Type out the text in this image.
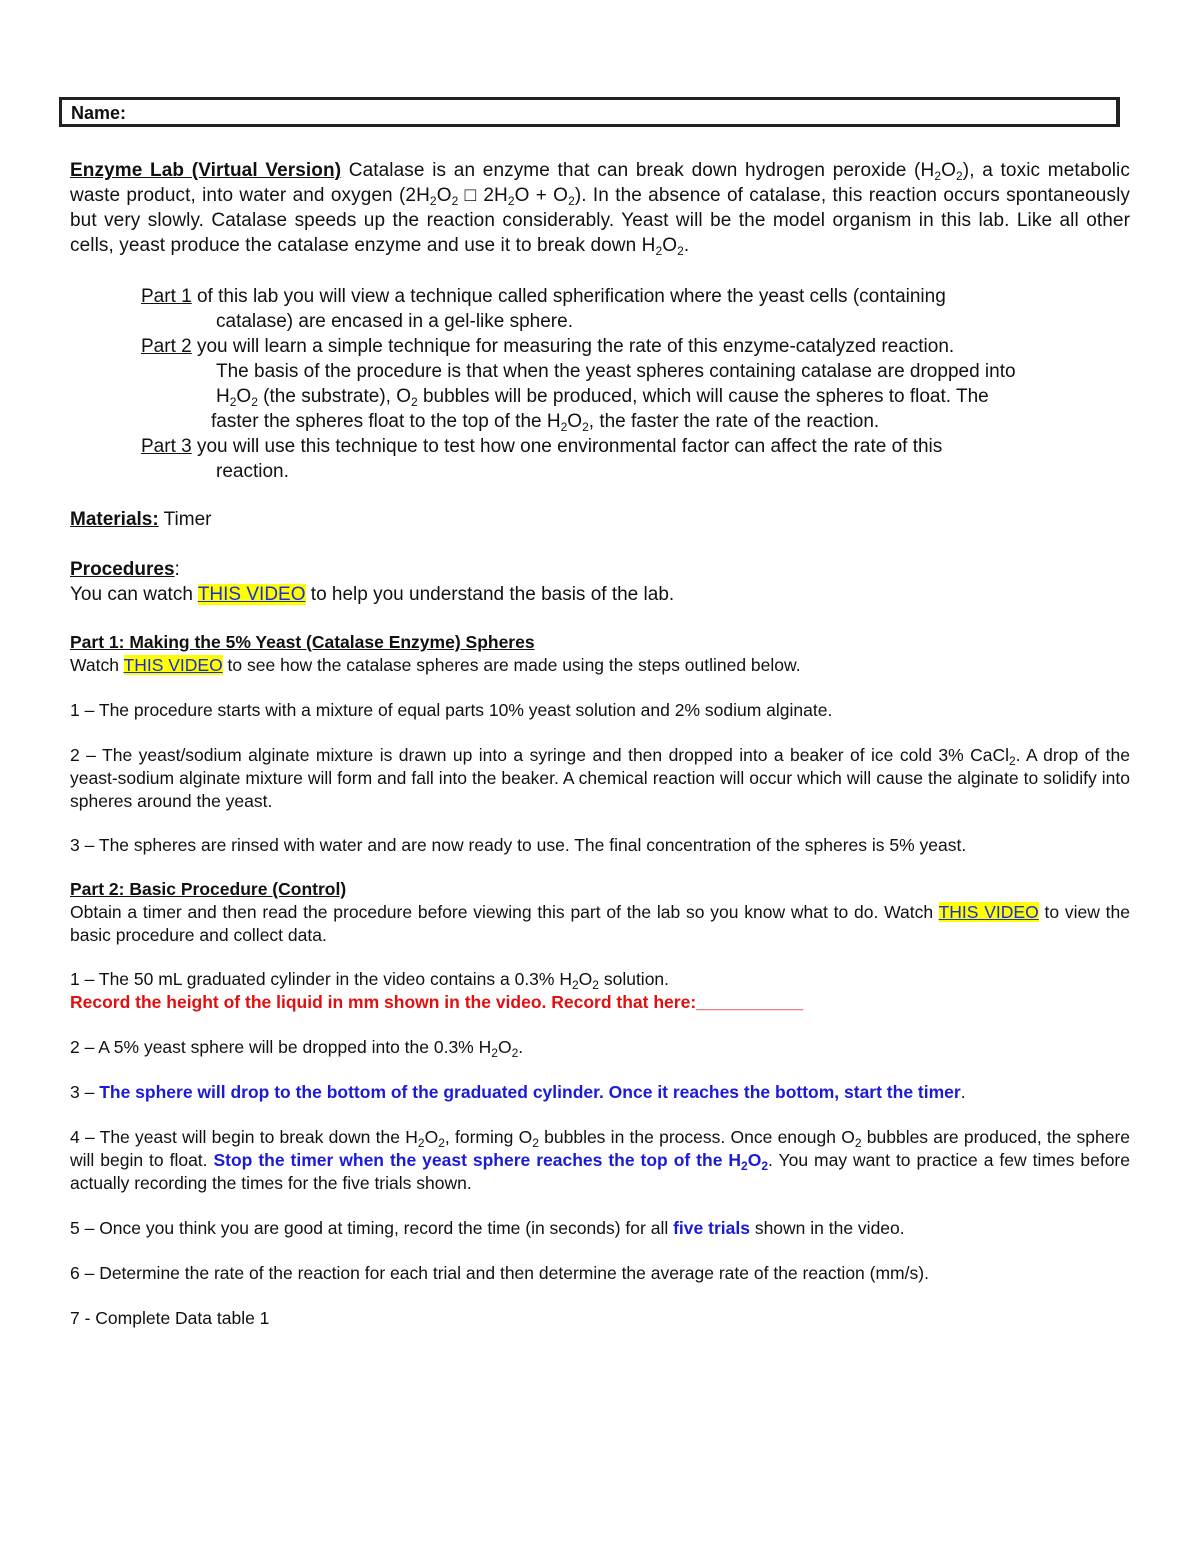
Name:
Enzyme Lab (Virtual Version) Catalase is an enzyme that can break down hydrogen peroxide $(H_2O_2)$, a toxic metabolic waste product, into water and oxygen ($2H_2O_2$ □ $2H_2O + O_2$). In the absence of catalase, this reaction occurs spontaneously but very slowly. Catalase speeds up the reaction considerably. Yeast will be the model organism in this lab. Like all other cells, yeast produce the catalase enzyme and use it to break down $H_2O_2$.
Part 1 of this lab you will view a technique called spherification where the yeast cells (containing
catalase) are encased in a gel-like sphere.
Part 2 you will learn a simple technique for measuring the rate of this enzyme-catalyzed reaction.
The basis of the procedure is that when the yeast spheres containing catalase are dropped into
$H_2O_2$ (the substrate), $O_2$ bubbles will be produced, which will cause the spheres to float. The
faster the spheres float to the top of the $H_2O_2$, the faster the rate of the reaction.
Part 3 you will use this technique to test how one environmental factor can affect the rate of this
reaction.
Materials: Timer
Procedures:
You can watch THIS VIDEO to help you understand the basis of the lab.
Part 1: Making the 5% Yeast (Catalase Enzyme) Spheres
Watch THIS VIDEO to see how the catalase spheres are made using the steps outlined below.
1 – The procedure starts with a mixture of equal parts 10% yeast solution and 2% sodium alginate.
2 – The yeast/sodium alginate mixture is drawn up into a syringe and then dropped into a beaker of ice cold 3% CaCl$_2$. A drop of the yeast-sodium alginate mixture will form and fall into the beaker. A chemical reaction will occur which will cause the alginate to solidify into spheres around the yeast.
3 – The spheres are rinsed with water and are now ready to use. The final concentration of the spheres is 5% yeast.
Part 2: Basic Procedure (Control)
Obtain a timer and then read the procedure before viewing this part of the lab so you know what to do. Watch THIS VIDEO to view the basic procedure and collect data.
1 – The 50 mL graduated cylinder in the video contains a 0.3% $H_2O_2$ solution.
Record the height of the liquid in mm shown in the video. Record that here:___________
2 – A 5% yeast sphere will be dropped into the 0.3% $H_2O_2$.
3 – The sphere will drop to the bottom of the graduated cylinder. Once it reaches the bottom, start the timer.
4 – The yeast will begin to break down the $H_2O_2$, forming $O_2$ bubbles in the process. Once enough $O_2$ bubbles are produced, the sphere will begin to float. Stop the timer when the yeast sphere reaches the top of the $H_2O_2$. You may want to practice a few times before actually recording the times for the five trials shown.
5 – Once you think you are good at timing, record the time (in seconds) for all five trials shown in the video.
6 – Determine the rate of the reaction for each trial and then determine the average rate of the reaction (mm/s).
7 - Complete Data table 1
